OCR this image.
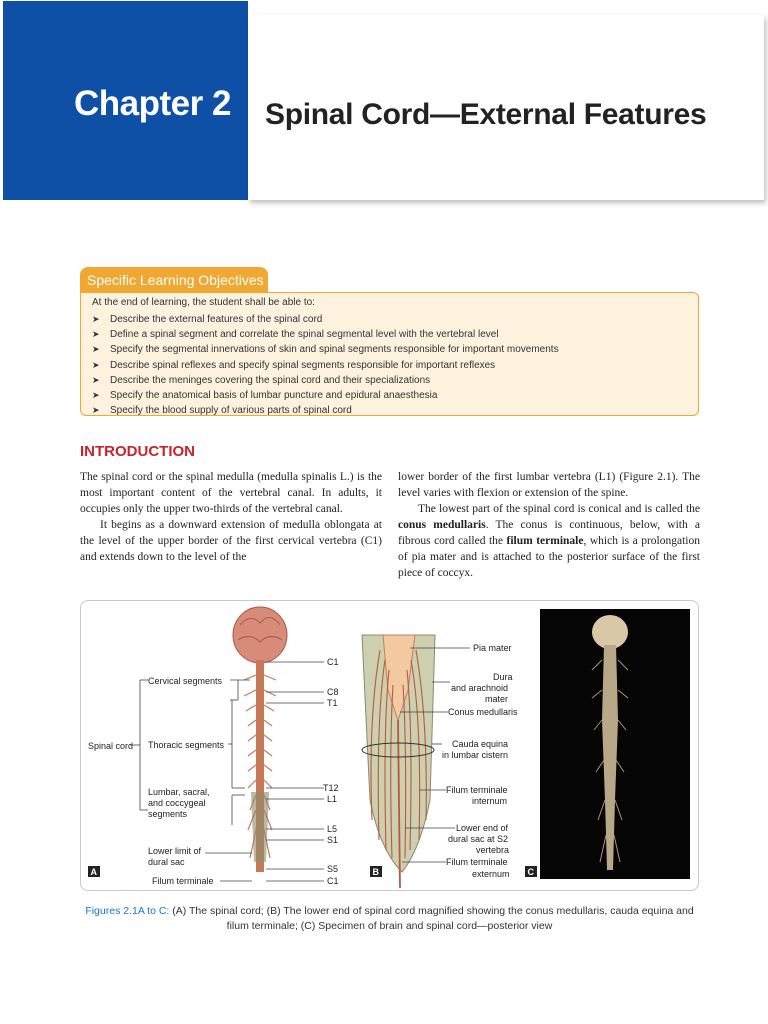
Chapter 2 Spinal Cord—External Features
Specific Learning Objectives
At the end of learning, the student shall be able to:
➤ Describe the external features of the spinal cord
➤ Define a spinal segment and correlate the spinal segmental level with the vertebral level
➤ Specify the segmental innervations of skin and spinal segments responsible for important movements
➤ Describe spinal reflexes and specify spinal segments responsible for important reflexes
➤ Describe the meninges covering the spinal cord and their specializations
➤ Specify the anatomical basis of lumbar puncture and epidural anaesthesia
➤ Specify the blood supply of various parts of spinal cord
INTRODUCTION

The spinal cord or the spinal medulla (medulla spinalis L.) is the most important content of the vertebral canal. In adults, it occupies only the upper two-thirds of the vertebral canal.

It begins as a downward extension of medulla oblongata at the level of the upper border of the first cervical vertebra (C1) and extends down to the level of the

lower border of the first lumbar vertebra (L1) (Figure 2.1). The level varies with flexion or extension of the spine.

The lowest part of the spinal cord is conical and is called the conus medullaris. The conus is continuous, below, with a fibrous cord called the filum terminale, which is a prolongation of pia mater and is attached to the posterior surface of the first piece of coccyx.

Spinal cord
Cervical segments
Thoracic segments
Lumbar, sacral,
and coccygeal
segments
Lower limit of
dural sac
Filum terminale
C1
C8
T1
T12
L1
L5
S1
S5
C1
A
Pia mater
Dura
and arachnoid
mater
Conus medullaris
Cauda equina
in lumbar cistern
Filum terminale
internum
Lower end of
dural sac at S2
vertebra
Filum terminale
externum
B	C
Figures 2.1A to C: (A) The spinal cord; (B) The lower end of spinal cord magnified showing the conus medullaris, cauda equina and filum terminale; (C) Specimen of brain and spinal cord—posterior view
